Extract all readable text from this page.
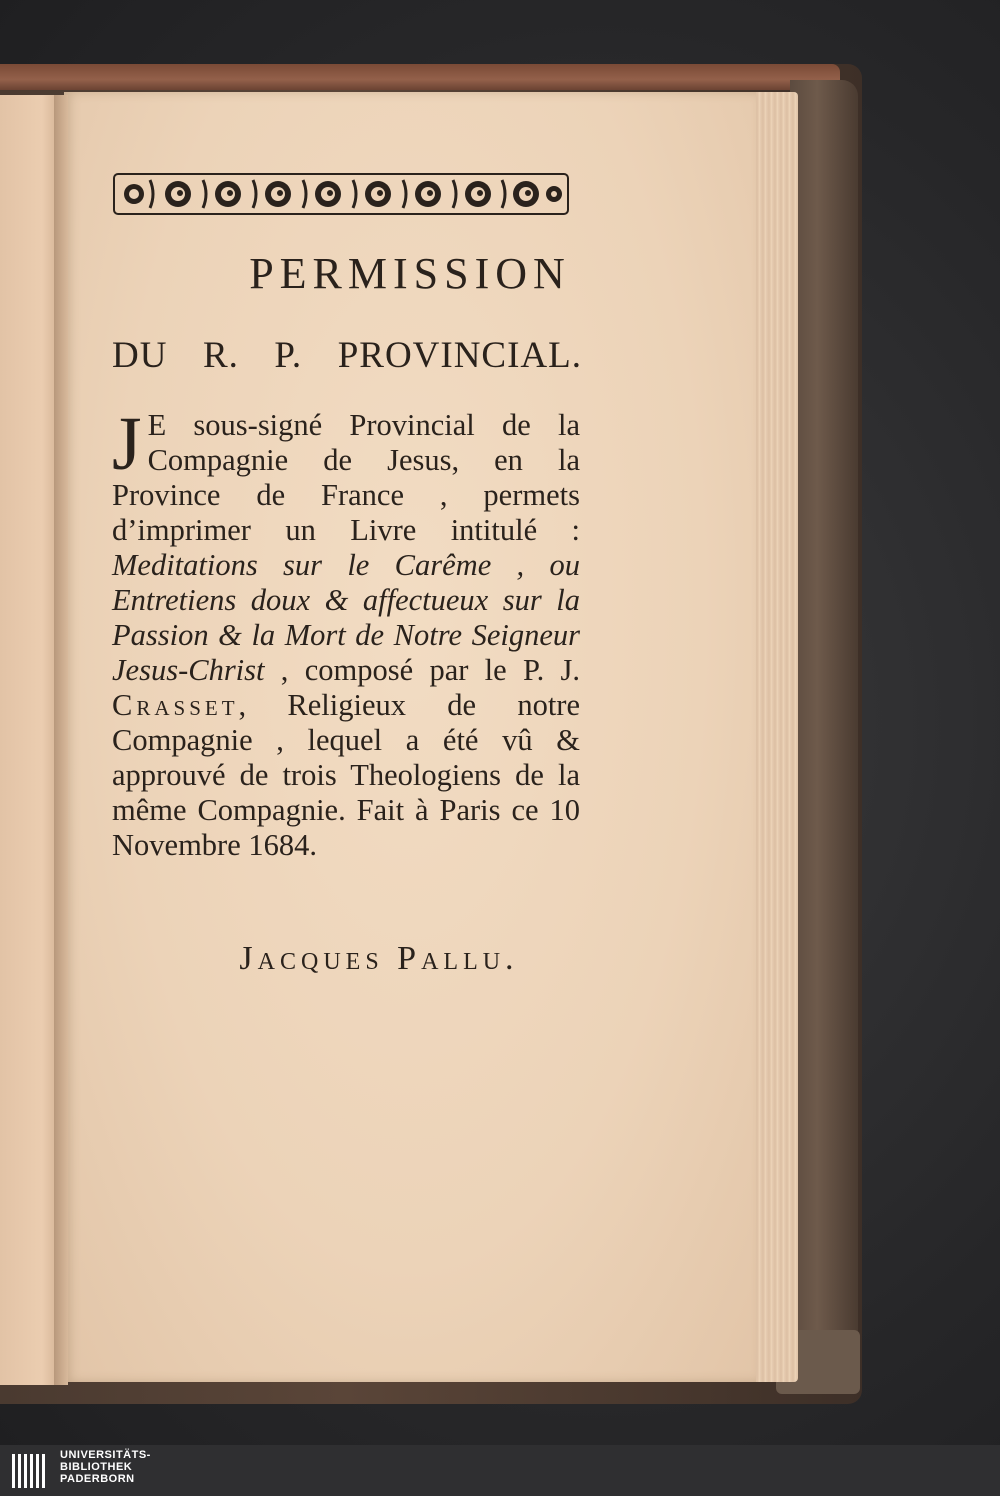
PERMISSION
DU R. P. PROVINCIAL.

J E sous-signé Provincial de la Compagnie de Jesus, en la Province de France , permets d’imprimer un Livre intitulé : Meditations sur le Carême , ou Entretiens doux & affectueux sur la Passion & la Mort de Notre Seigneur Jesus-Christ , composé par le P. J. Crasset, Religieux de notre Compagnie , lequel a été vû & approuvé de trois Theologiens de la même Compagnie. Fait à Paris ce 10 Novembre 1684.

Jacques Pallu.

UNIVERSITÄTS-
BIBLIOTHEK
PADERBORN
